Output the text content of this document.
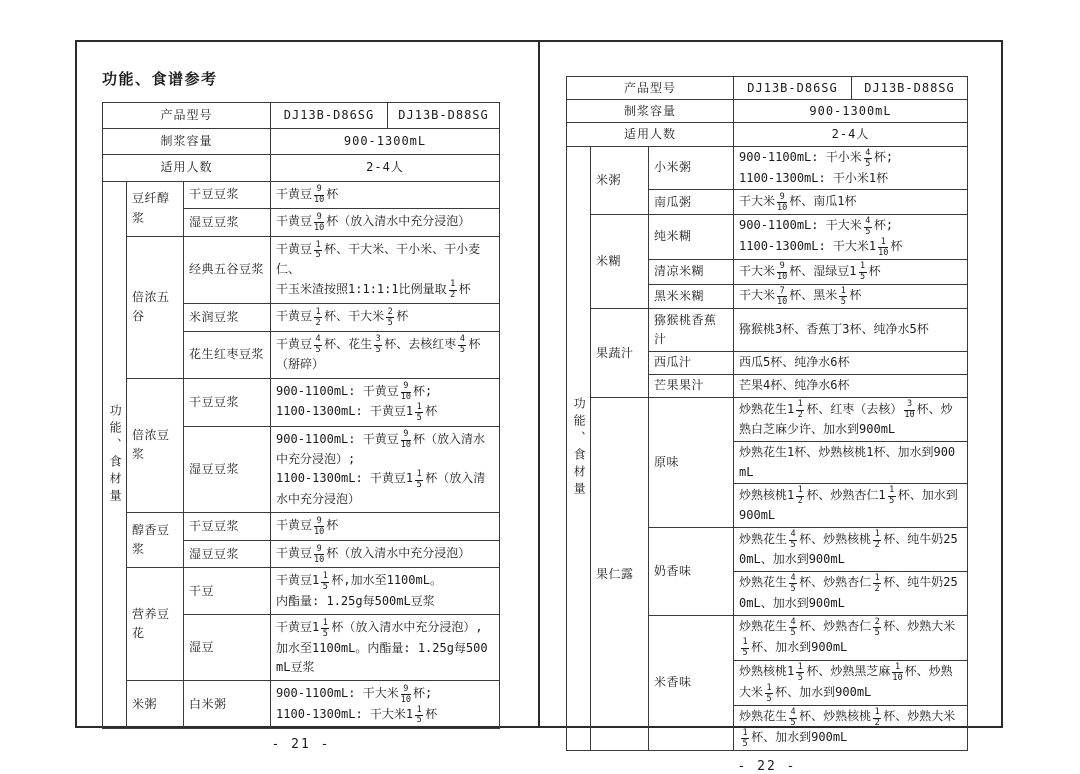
功能、食谱参考
产品型号			DJ13B-D86SG	DJ13B-D88SG
制浆容量			900-1300mL	
适用人数			2-4人	
功能、食材量	豆纤醇浆	干豆豆浆	干黄豆 $\frac{9}{10}$ 杯	
		湿豆豆浆	干黄豆 $\frac{9}{10}$ 杯（放入清水中充分浸泡）	
倍浓五谷	经典五谷豆浆	干黄豆 $\frac{1}{5}$ 杯、干大米、干小米、干小麦仁、
干玉米渣按照1:1:1:1比例量取 $\frac{1}{2}$ 杯
米润豆浆	干黄豆 $\frac{1}{2}$ 杯、干大米 $\frac{2}{5}$ 杯
花生红枣豆浆	干黄豆 $\frac{4}{5}$ 杯、花生 $\frac{3}{5}$ 杯、去核红枣 $\frac{4}{5}$ 杯
（掰碎）
倍浓豆浆	干豆豆浆	900-1100mL: 干黄豆 $\frac{9}{10}$ 杯;
1100-1300mL: 干黄豆$1 \frac{1}{5}$ 杯
湿豆豆浆	900-1100mL: 干黄豆 $\frac{9}{10}$ 杯（放入清水中充分浸泡）;
1100-1300mL: 干黄豆$1 \frac{1}{5}$ 杯（放入清水中充分浸泡）
	醇香豆浆	干豆豆浆	干黄豆 $\frac{9}{10}$ 杯	
		湿豆豆浆	干黄豆 $\frac{9}{10}$ 杯（放入清水中充分浸泡）	
	营养豆花	干豆	干黄豆$1 \frac{1}{5}$ 杯,加水至1100mL。
内酯量: 1.25g每500mL豆浆	
		湿豆	干黄豆$1 \frac{1}{5}$ 杯（放入清水中充分浸泡）,加水至1100mL。内酯量: 1.25g每500mL豆浆	
米粥	白米粥	900-1100mL: 干大米 $\frac{9}{10}$ 杯;
1100-1300mL: 干大米$1 \frac{1}{5}$ 杯
- 21 -
产品型号			DJ13B-D86SG	DJ13B-D88SG
制浆容量			900-1300mL	
适用人数			2-4人	
功能、食材量	米粥	小米粥	900-1100mL: 干小米 $\frac{4}{5}$ 杯;
1100-1300mL: 干小米1杯	
		南瓜粥	干大米 $\frac{9}{10}$ 杯、南瓜1杯	
米糊	纯米糊	900-1100mL: 干大米 $\frac{4}{5}$ 杯;
1100-1300mL: 干大米$1 \frac{1}{10}$ 杯
清凉米糊	干大米 $\frac{9}{10}$ 杯、湿绿豆$1 \frac{1}{5}$ 杯
黑米米糊	干大米 $\frac{7}{10}$ 杯、黑米 $\frac{1}{5}$ 杯
	果蔬汁	猕猴桃香蕉汁	猕猴桃3杯、香蕉丁3杯、纯净水5杯	
		西瓜汁	西瓜5杯、纯净水6杯	
		芒果果汁	芒果4杯、纯净水6杯	
果仁露	原味	炒熟花生$1 \frac{1}{2}$ 杯、红枣（去核） $\frac{3}{10}$ 杯、炒熟白芝麻少许、加水到900mL
			炒熟花生1杯、炒熟核桃1杯、加水到900mL	
炒熟核桃$1 \frac{1}{2}$ 杯、炒熟杏仁$1 \frac{1}{5}$ 杯、加水到900mL
奶香味	炒熟花生 $\frac{4}{5}$ 杯、炒熟核桃 $\frac{1}{2}$ 杯、纯牛奶250mL、加水到900mL
炒熟花生 $\frac{4}{5}$ 杯、炒熟杏仁 $\frac{1}{2}$ 杯、纯牛奶250mL、加水到900mL
米香味	炒熟花生 $\frac{4}{5}$ 杯、炒熟杏仁 $\frac{2}{5}$ 杯、炒熟大米
$\frac{1}{5}$ 杯、加水到900mL
炒熟核桃$1 \frac{1}{5}$ 杯、炒熟黑芝麻 $\frac{1}{10}$ 杯、炒熟大米 $\frac{1}{5}$ 杯、加水到900mL
炒熟花生 $\frac{4}{5}$ 杯、炒熟核桃 $\frac{1}{2}$ 杯、炒熟大米
$\frac{1}{5}$ 杯、加水到900mL
- 22 -
